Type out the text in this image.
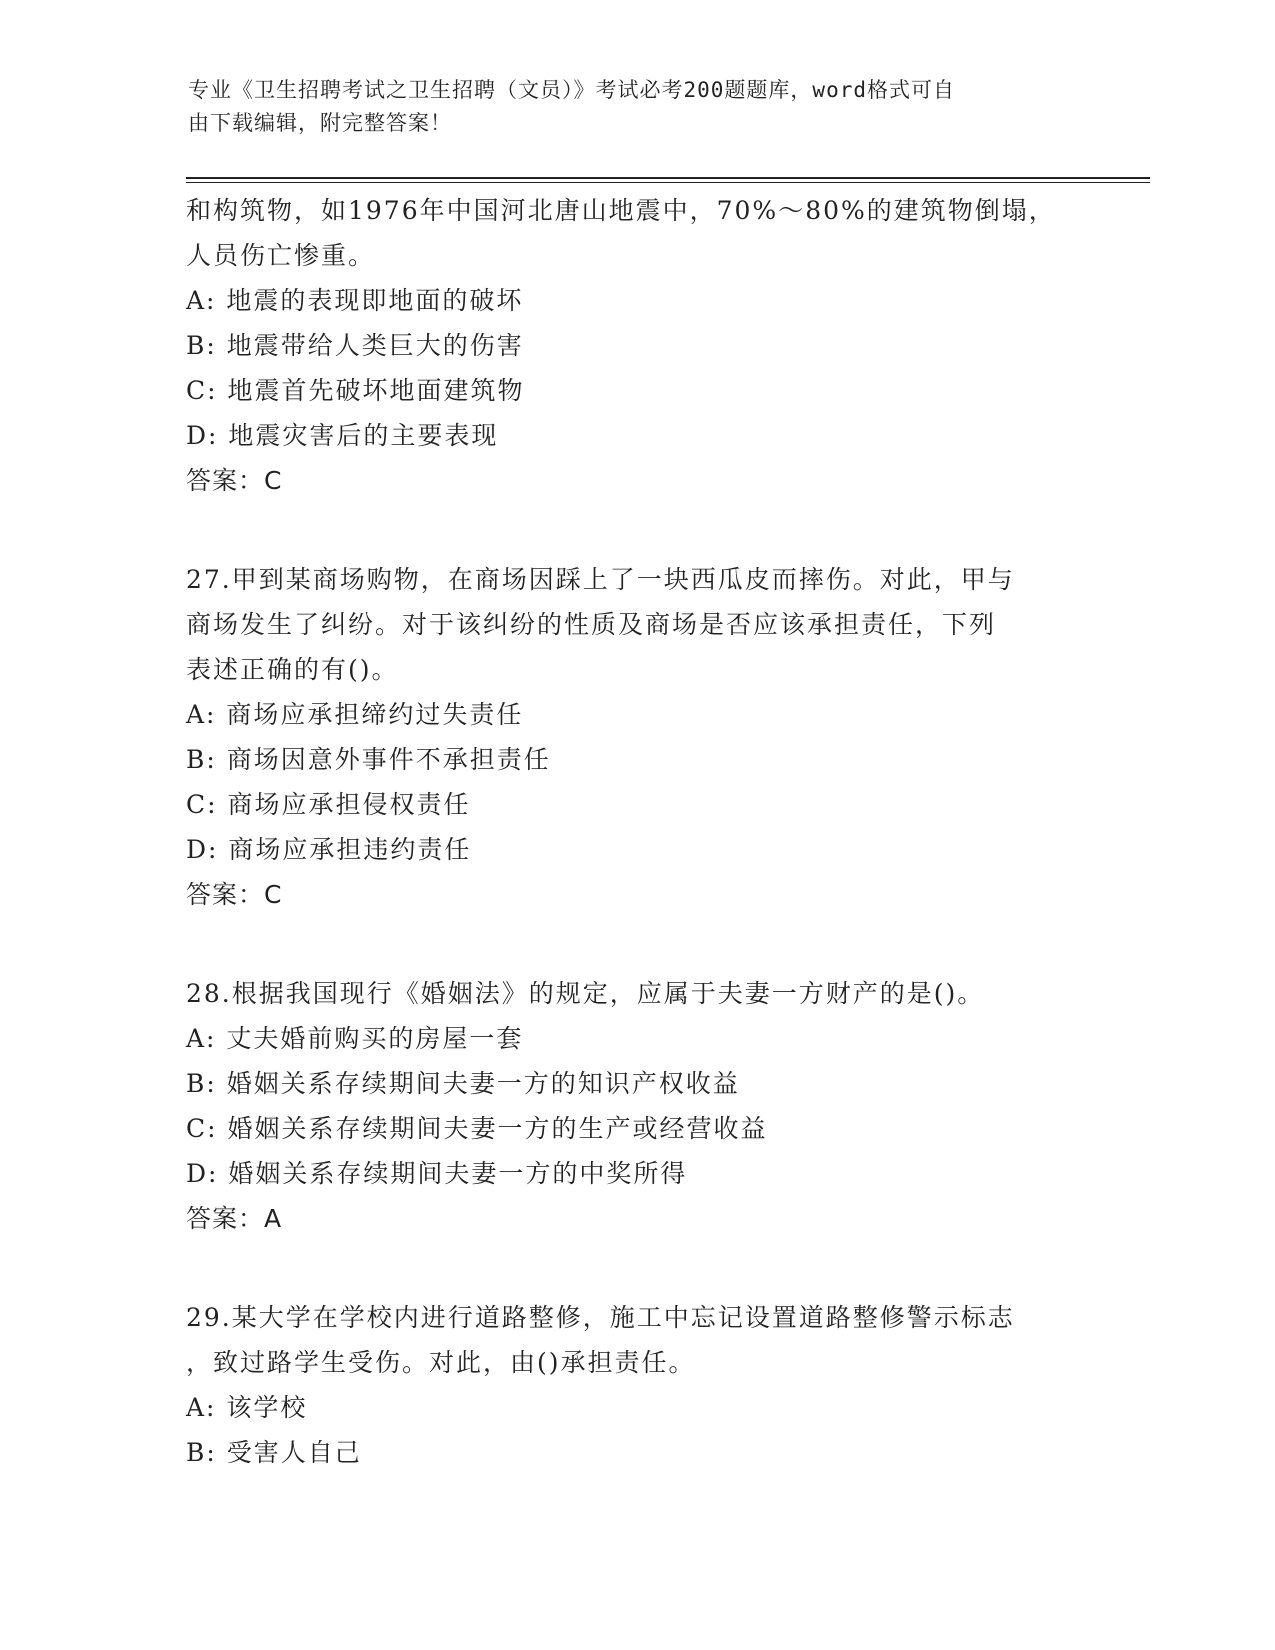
专业《卫生招聘考试之卫生招聘（文员）》考试必考200题题库，word格式可自
由下载编辑，附完整答案！
和构筑物，如1976年中国河北唐山地震中，70%～80%的建筑物倒塌，
人员伤亡惨重。
A: 地震的表现即地面的破坏
B: 地震带给人类巨大的伤害
C: 地震首先破坏地面建筑物
D: 地震灾害后的主要表现
答案：C
27.甲到某商场购物，在商场因踩上了一块西瓜皮而摔伤。对此，甲与
商场发生了纠纷。对于该纠纷的性质及商场是否应该承担责任，下列
表述正确的有()。
A: 商场应承担缔约过失责任
B: 商场因意外事件不承担责任
C: 商场应承担侵权责任
D: 商场应承担违约责任
答案：C
28.根据我国现行《婚姻法》的规定，应属于夫妻一方财产的是()。
A: 丈夫婚前购买的房屋一套
B: 婚姻关系存续期间夫妻一方的知识产权收益
C: 婚姻关系存续期间夫妻一方的生产或经营收益
D: 婚姻关系存续期间夫妻一方的中奖所得
答案：A
29.某大学在学校内进行道路整修，施工中忘记设置道路整修警示标志
，致过路学生受伤。对此，由()承担责任。
A: 该学校
B: 受害人自己
